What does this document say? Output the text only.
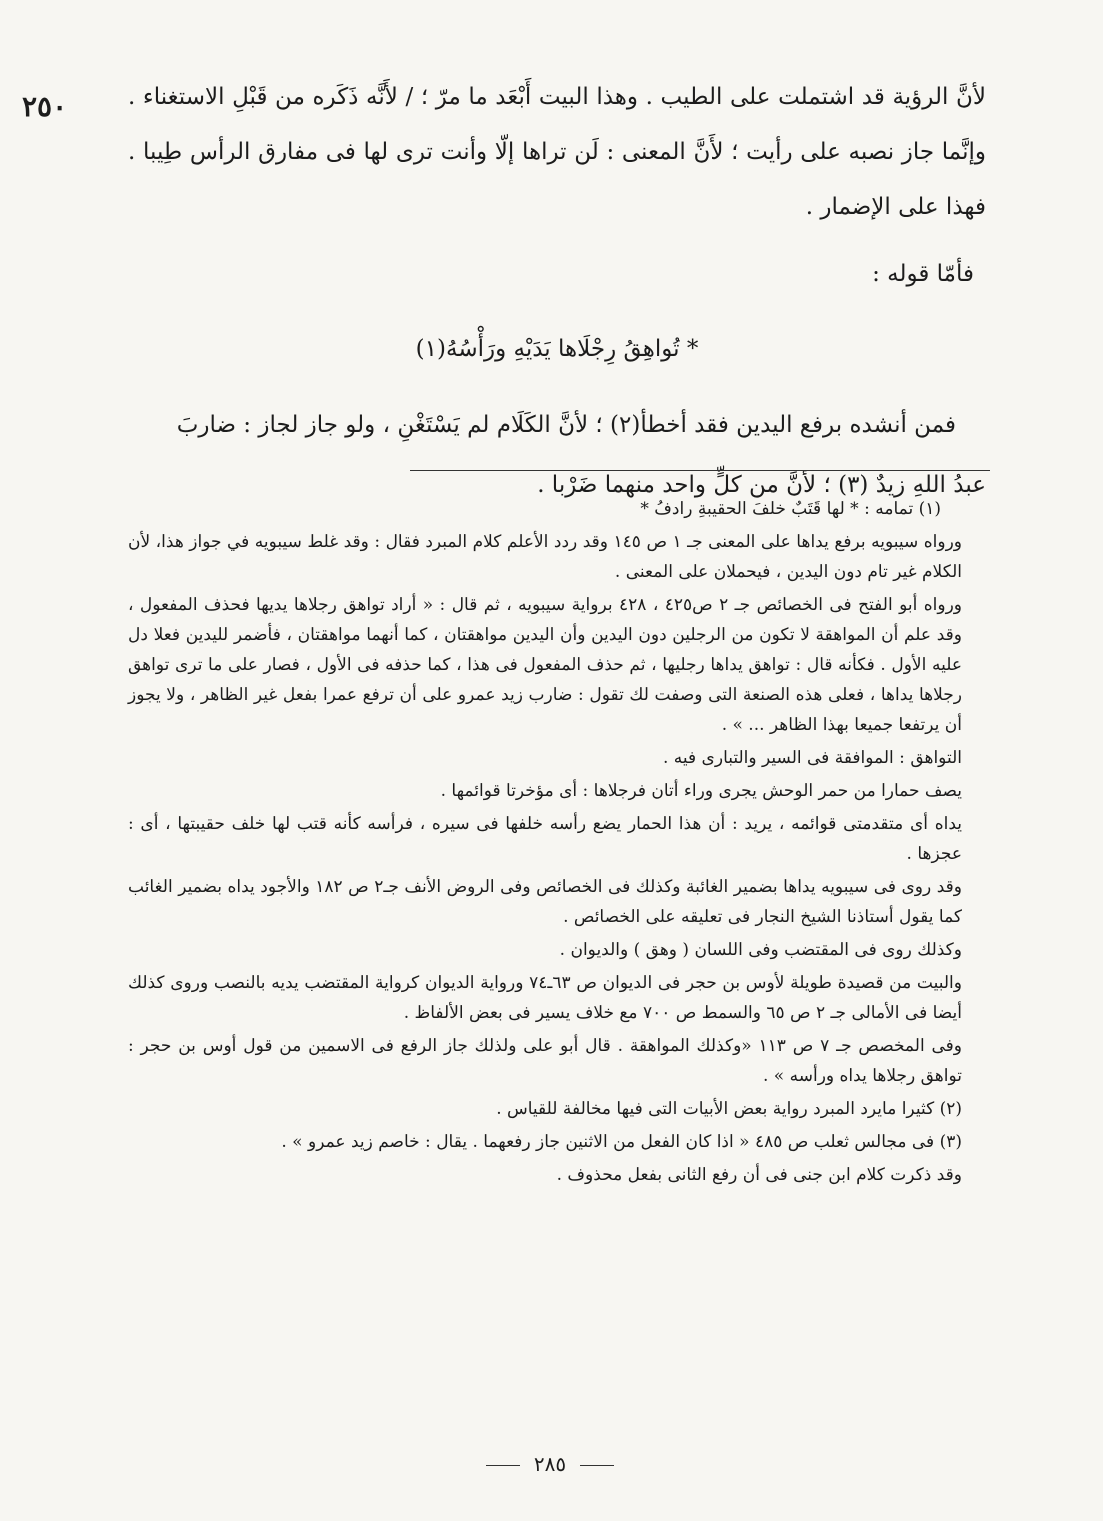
٢٥٠	لأنَّ الرؤية قد اشتملت على الطيب . وهذا البيت أَبْعَد ما مرّ ؛ / لأَنَّه ذَكَره من قَبْلِ الاستغناء . وإنَّما جاز نصبه على رأيت ؛ لأَنَّ المعنى : لَن تراها إلّا وأنت ترى لها فى مفارق الرأس طِيبا . فهذا على الإضمار .

فأمّا قوله :

* تُواهِقُ رِجْلَاها يَدَيْهِ ورَأْسُهُ(١)

فمن أنشده برفع اليدين فقد أخطأ(٢) ؛ لأنَّ الكَلَام لم يَسْتَغْنِ ، ولو جاز لجاز : ضاربَ

عبدُ اللهِ زيدٌ (٣) ؛ لأنَّ من كلٍّ واحد منهما ضَرْبا .

(١) تمامه : * لها قَتَبٌ خلفَ الحقيبةِ رادفُ *

ورواه سيبويه برفع يداها على المعنى جـ ١ ص ١٤٥ وقد ردد الأعلم كلام المبرد فقال : وقد غلط سيبويه في جواز هذا، لأن الكلام غير تام دون اليدين ، فيحملان على المعنى .

ورواه أبو الفتح فى الخصائص جـ ٢ ص٤٢٥ ، ٤٢٨ برواية سيبويه ، ثم قال : « أراد تواهق رجلاها يديها فحذف المفعول ، وقد علم أن المواهقة لا تكون من الرجلين دون اليدين وأن اليدين مواهقتان ، كما أنهما مواهقتان ، فأضمر لليدين فعلا دل عليه الأول . فكأنه قال : تواهق يداها رجليها ، ثم حذف المفعول فى هذا ، كما حذفه فى الأول ، فصار على ما ترى تواهق رجلاها يداها ، فعلى هذه الصنعة التى وصفت لك تقول : ضارب زيد عمرو على أن ترفع عمرا بفعل غير الظاهر ، ولا يجوز أن يرتفعا جميعا بهذا الظاهر ... » .

التواهق : الموافقة فى السير والتبارى فيه .

يصف حمارا من حمر الوحش يجرى وراء أتان فرجلاها : أى مؤخرتا قوائمها .

يداه أى متقدمتى قوائمه ، يريد : أن هذا الحمار يضع رأسه خلفها فى سيره ، فرأسه كأنه قتب لها خلف حقيبتها ، أى : عجزها .

وقد روى فى سيبويه يداها بضمير الغائبة وكذلك فى الخصائص وفى الروض الأنف جـ٢ ص ١٨٢ والأجود يداه بضمير الغائب كما يقول أستاذنا الشيخ النجار فى تعليقه على الخصائص .

وكذلك روى فى المقتضب وفى اللسان ( وهق ) والديوان .

والبيت من قصيدة طويلة لأوس بن حجر فى الديوان ص ٦٣ـ٧٤ ورواية الديوان كرواية المقتضب يديه بالنصب وروى كذلك أيضا فى الأمالى جـ ٢ ص ٦٥ والسمط ص ٧٠٠ مع خلاف يسير فى بعض الألفاظ .

وفى المخصص جـ ٧ ص ١١٣ «وكذلك المواهقة . قال أبو على ولذلك جاز الرفع فى الاسمين من قول أوس بن حجر : تواهق رجلاها يداه ورأسه » .

(٢) كثيرا مايرد المبرد رواية بعض الأبيات التى فيها مخالفة للقياس .

(٣) فى مجالس ثعلب ص ٤٨٥ « اذا كان الفعل من الاثنين جاز رفعهما . يقال : خاصم زيد عمرو » .

وقد ذكرت كلام ابن جنى فى أن رفع الثانى بفعل محذوف .

٢٨٥
